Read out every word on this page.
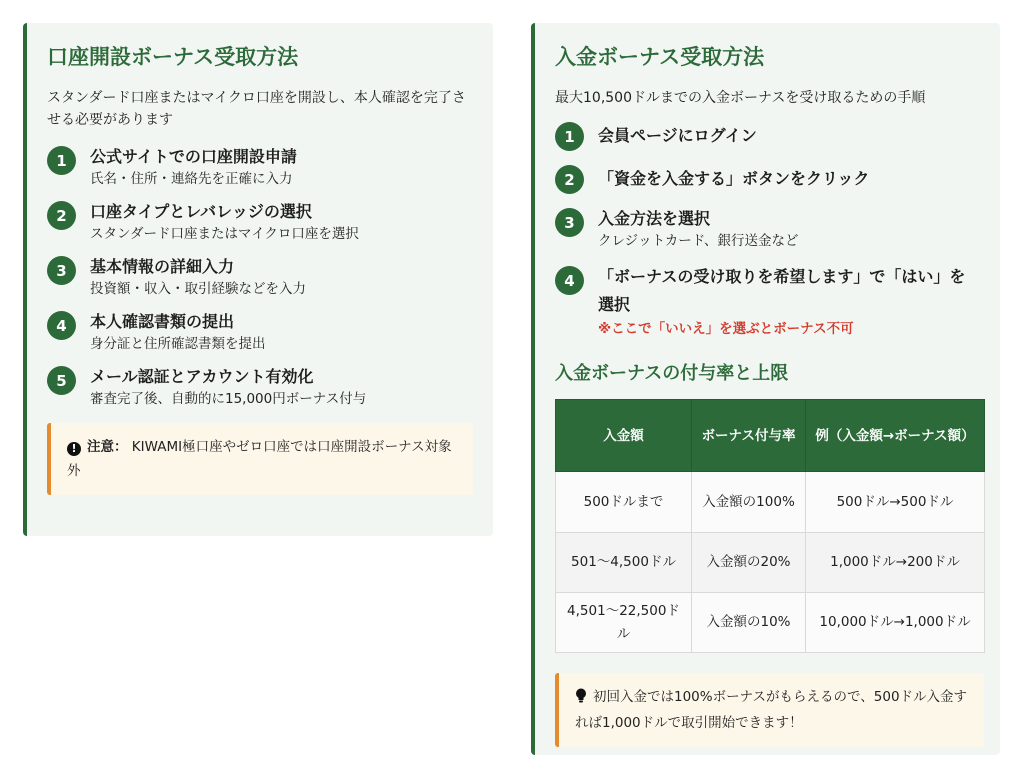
口座開設ボーナス受取方法

スタンダード口座またはマイクロ口座を開設し、本人確認を完了させる必要があります

1	公式サイトでの口座開設申請
氏名・住所・連絡先を正確に入力
2	口座タイプとレバレッジの選択
スタンダード口座またはマイクロ口座を選択
3	基本情報の詳細入力
投資額・収入・取引経験などを入力
4	本人確認書類の提出
身分証と住所確認書類を提出
5	メール認証とアカウント有効化
審査完了後、自動的に15,000円ボーナス付与
! 注意： KIWAMI極口座やゼロ口座では口座開設ボーナス対象外
入金ボーナス受取方法

最大10,500ドルまでの入金ボーナスを受け取るための手順

1	会員ページにログイン
2	「資金を入金する」ボタンをクリック
3	入金方法を選択
クレジットカード、銀行送金など
4	「ボーナスの受け取りを希望します」で「はい」を選択
※ここで「いいえ」を選ぶとボーナス不可
入金ボーナスの付与率と上限
入金額	ボーナス付与率	例（入金額→ボーナス額）
500ドルまで	入金額の100%	500ドル→500ドル
501～4,500ドル	入金額の20%	1,000ドル→200ドル
4,501～22,500ドル	入金額の10%	10,000ドル→1,000ドル
初回入金では100%ボーナスがもらえるので、500ドル入金すれば1,000ドルで取引開始できます！
